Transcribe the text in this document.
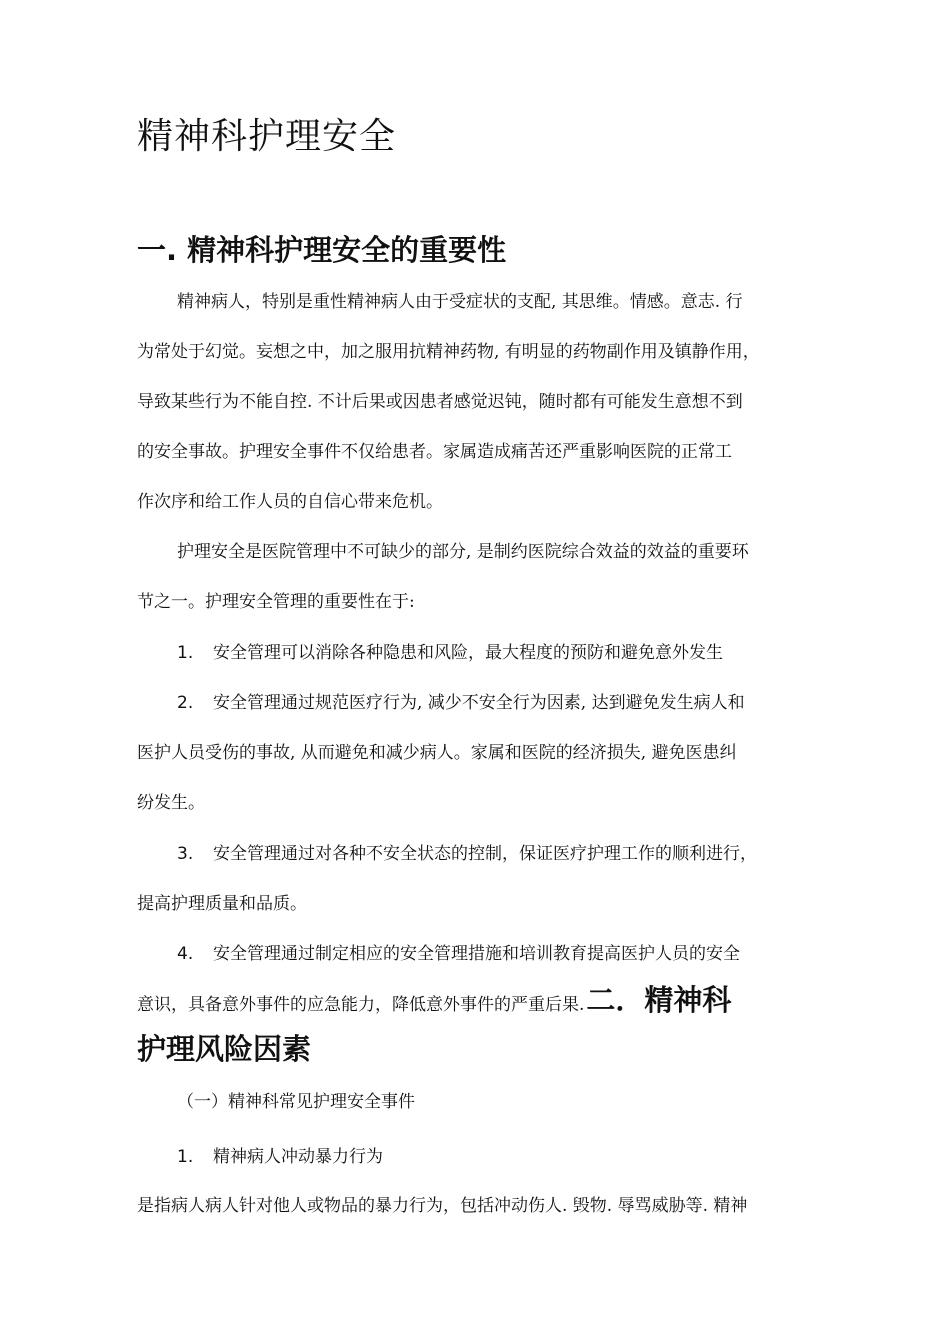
精神科护理安全
一. 精神科护理安全的重要性
精神病人，特别是重性精神病人由于受症状的支配, 其思维。情感。意志. 行
为常处于幻觉。妄想之中，加之服用抗精神药物, 有明显的药物副作用及镇静作用，
导致某些行为不能自控. 不计后果或因患者感觉迟钝，随时都有可能发生意想不到
的安全事故。护理安全事件不仅给患者。家属造成痛苦还严重影响医院的正常工
作次序和给工作人员的自信心带来危机。
护理安全是医院管理中不可缺少的部分, 是制约医院综合效益的效益的重要环
节之一。护理安全管理的重要性在于:
1. 安全管理可以消除各种隐患和风险，最大程度的预防和避免意外发生
2. 安全管理通过规范医疗行为, 减少不安全行为因素, 达到避免发生病人和
医护人员受伤的事故, 从而避免和减少病人。家属和医院的经济损失, 避免医患纠
纷发生。
3. 安全管理通过对各种不安全状态的控制，保证医疗护理工作的顺利进行，
提高护理质量和品质。
4. 安全管理通过制定相应的安全管理措施和培训教育提高医护人员的安全
意识，具备意外事件的应急能力，降低意外事件的严重后果.二．精神科
护理风险因素
（一）精神科常见护理安全事件
1. 精神病人冲动暴力行为
是指病人病人针对他人或物品的暴力行为，包括冲动伤人. 毁物. 辱骂威胁等. 精神
